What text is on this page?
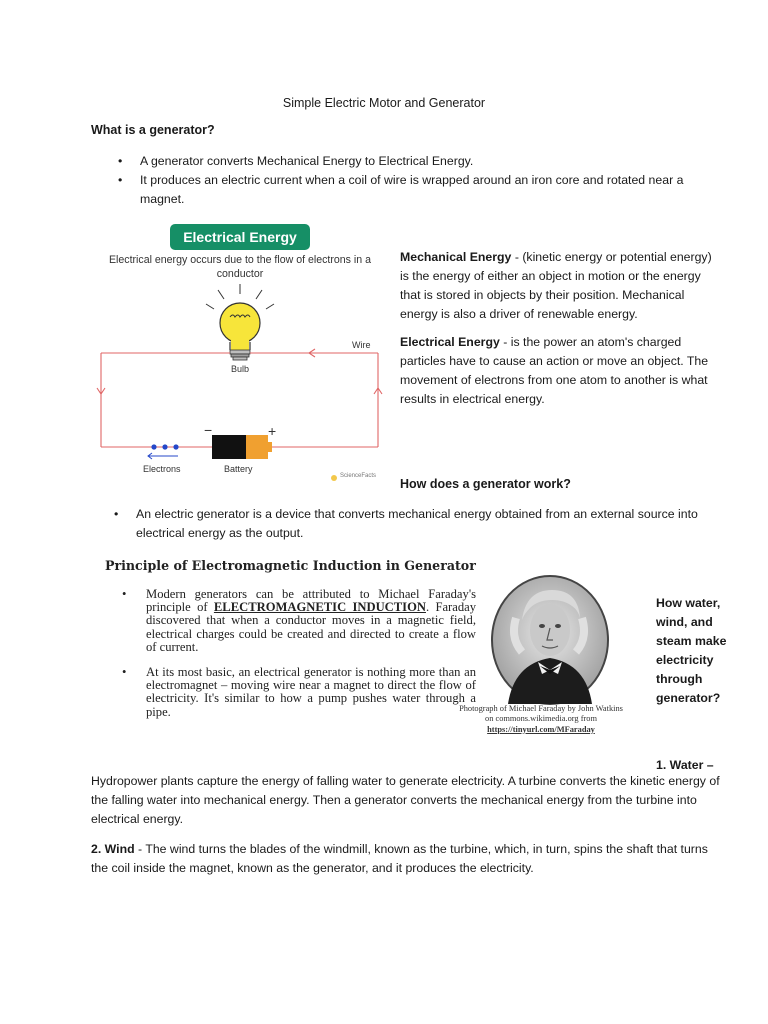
Simple Electric Motor and Generator
What is a generator?
• A generator converts Mechanical Energy to Electrical Energy.
• It produces an electric current when a coil of wire is wrapped around an iron core and rotated near a magnet.
Electrical Energy
Electrical energy occurs due to the flow of electrons in a conductor
Wire
Bulb
−	+
Electrons	Battery
ScienceFacts

Mechanical Energy - (kinetic energy or potential energy) is the energy of either an object in motion or the energy that is stored in objects by their position. Mechanical energy is also a driver of renewable energy.

Electrical Energy - is the power an atom's charged particles have to cause an action or move an object. The movement of electrons from one atom to another is what results in electrical energy.

How does a generator work?
• An electric generator is a device that converts mechanical energy obtained from an external source into electrical energy as the output.
Principle of Electromagnetic Induction in Generator

• Modern generators can be attributed to Michael Faraday's principle of ELECTROMAGNETIC INDUCTION. Faraday discovered that when a conductor moves in a magnetic field, electrical charges could be created and directed to create a flow of current.

• At its most basic, an electrical generator is nothing more than an electromagnet – moving wire near a magnet to direct the flow of electricity. It's similar to how a pump pushes water through a pipe.	Photograph of Michael Faraday by John Watkins on commons.wikimedia.org from https://tinyurl.com/MFaraday
How water, wind, and steam make electricity through generator?
1. Water –
Hydropower plants capture the energy of falling water to generate electricity. A turbine converts the kinetic energy of the falling water into mechanical energy. Then a generator converts the mechanical energy from the turbine into electrical energy.
2. Wind - The wind turns the blades of the windmill, known as the turbine, which, in turn, spins the shaft that turns the coil inside the magnet, known as the generator, and it produces the electricity.
